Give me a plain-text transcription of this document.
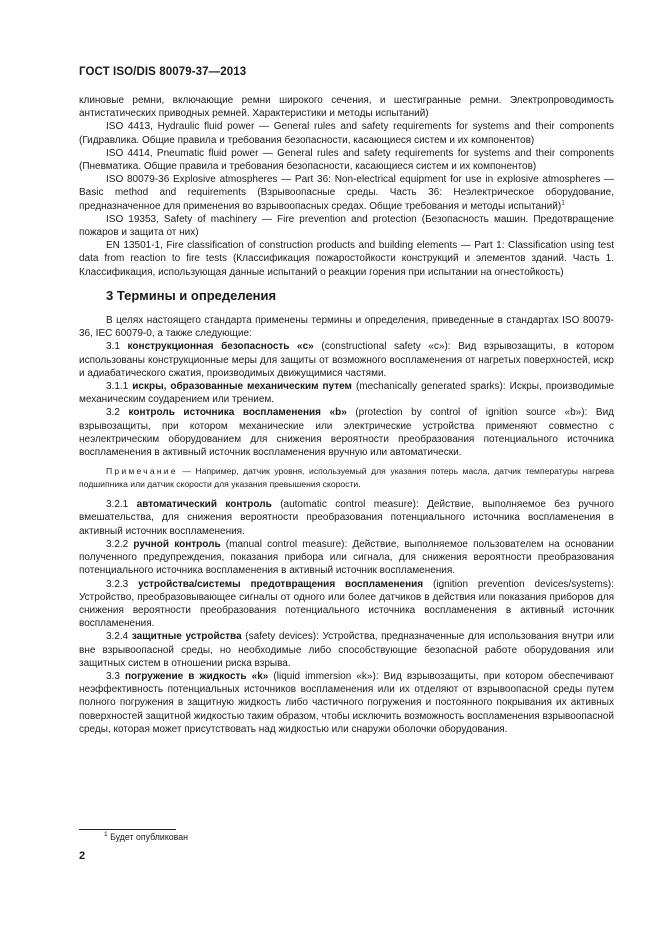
ГОСТ ISO/DIS 80079-37—2013

клиновые ремни, включающие ремни широкого сечения, и шестигранные ремни. Электропроводимость антистатических приводных ремней. Характеристики и методы испытаний)

ISO 4413, Hydraulic fluid power — General rules and safety requirements for systems and their components (Гидравлика. Общие правила и требования безопасности, касающиеся систем и их компонентов)

ISO 4414, Pneumatic fluid power — General rules and safety requirements for systems and their components (Пневматика. Общие правила и требования безопасности, касающиеся систем и их компонентов)

ISO 80079-36 Explosive atmospheres — Part 36: Non-electrical equipment for use in explosive atmospheres — Basic method and requirements (Взрывоопасные среды. Часть 36: Неэлектрическое оборудование, предназначенное для применения во взрывоопасных средах. Общие требования и методы испытаний)$^1$

ISO 19353, Safety of machinery — Fire prevention and protection (Безопасность машин. Предотвращение пожаров и защита от них)

EN 13501-1, Fire classification of construction products and building elements — Part 1: Classification using test data from reaction to fire tests (Классификация пожаростойкости конструкций и элементов зданий. Часть 1. Классификация, использующая данные испытаний о реакции горения при испытании на огнестойкость)

3 Термины и определения

В целях настоящего стандарта применены термины и определения, приведенные в стандартах ISO 80079-36, IEC 60079-0, а также следующие:

3.1 конструкционная безопасность «c» (constructional safety «c»): Вид взрывозащиты, в котором использованы конструкционные меры для защиты от возможного воспламенения от нагретых поверхностей, искр и адиабатического сжатия, производимых движущимися частями.

3.1.1 искры, образованные механическим путем (mechanically generated sparks): Искры, производимые механическим соударением или трением.

3.2 контроль источника воспламенения «b» (protection by control of ignition source «b»): Вид взрывозащиты, при котором механические или электрические устройства применяют совместно с неэлектрическим оборудованием для снижения вероятности преобразования потенциального источника воспламенения в активный источник воспламенения вручную или автоматически.

Примечание — Например, датчик уровня, используемый для указания потерь масла, датчик температуры нагрева подшипника или датчик скорости для указания превышения скорости.

3.2.1 автоматический контроль (automatic control measure): Действие, выполняемое без ручного вмешательства, для снижения вероятности преобразования потенциального источника воспламенения в активный источник воспламенения.

3.2.2 ручной контроль (manual control measure): Действие, выполняемое пользователем на основании полученного предупреждения, показания прибора или сигнала, для снижения вероятности преобразования потенциального источника воспламенения в активный источник воспламенения.

3.2.3 устройства/системы предотвращения воспламенения (ignition prevention devices/systems): Устройство, преобразовывающее сигналы от одного или более датчиков в действия или показания приборов для снижения вероятности преобразования потенциального источника воспламенения в активный источник воспламенения.

3.2.4 защитные устройства (safety devices): Устройства, предназначенные для использования внутри или вне взрывоопасной среды, но необходимые либо способствующие безопасной работе оборудования или защитных систем в отношении риска взрыва.

3.3 погружение в жидкость «k» (liquid immersion «k»): Вид взрывозащиты, при котором обеспечивают неэффективность потенциальных источников воспламенения или их отделяют от взрывоопасной среды путем полного погружения в защитную жидкость либо частичного погружения и постоянного покрывания их активных поверхностей защитной жидкостью таким образом, чтобы исключить возможность воспламенения взрывоопасной среды, которая может присутствовать над жидкостью или снаружи оболочки оборудования.

$^1$ Будет опубликован
2
